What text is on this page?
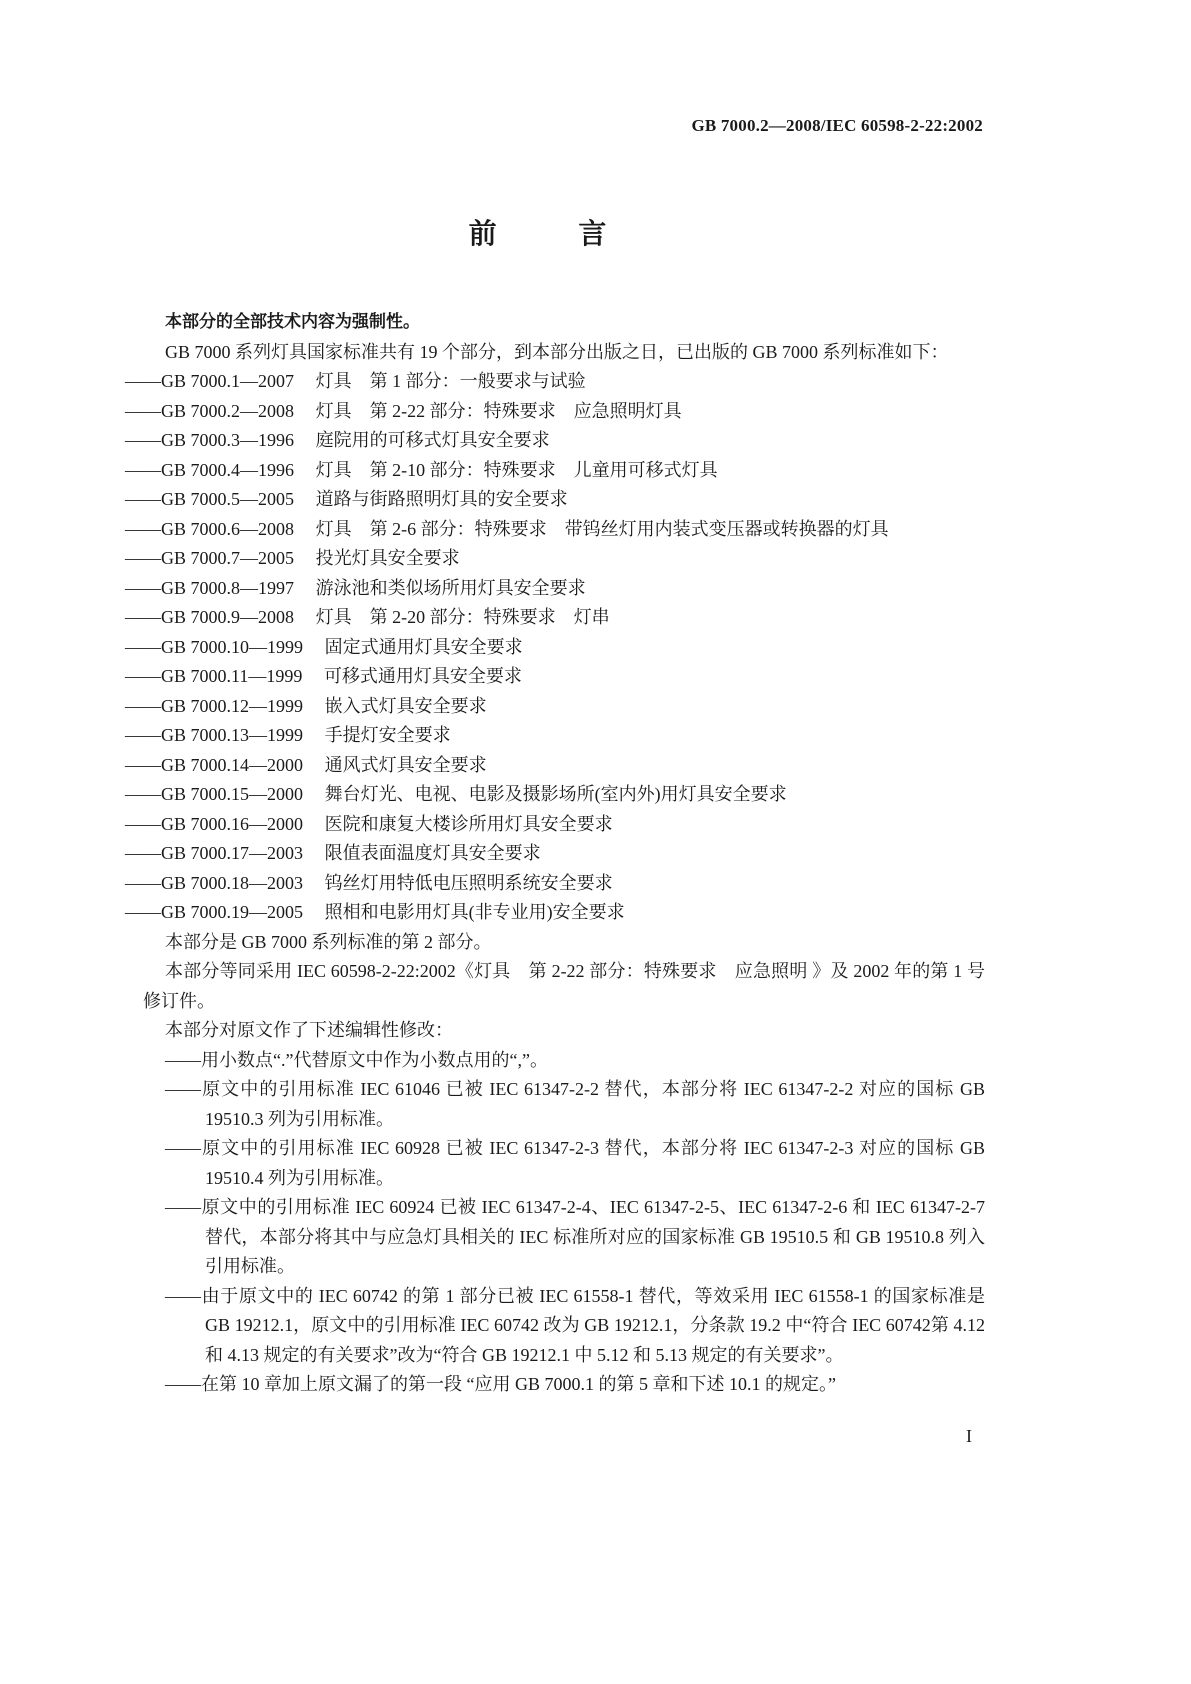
GB 7000.2—2008/IEC 60598-2-22:2002
前 言
本部分的全部技术内容为强制性。
GB 7000 系列灯具国家标准共有 19 个部分，到本部分出版之日，已出版的 GB 7000 系列标准如下：
——GB 7000.1—2007 灯具　第 1 部分：一般要求与试验
——GB 7000.2—2008 灯具　第 2-22 部分：特殊要求　应急照明灯具
——GB 7000.3—1996 庭院用的可移式灯具安全要求
——GB 7000.4—1996 灯具　第 2-10 部分：特殊要求　儿童用可移式灯具
——GB 7000.5—2005 道路与街路照明灯具的安全要求
——GB 7000.6—2008 灯具　第 2-6 部分：特殊要求　带钨丝灯用内装式变压器或转换器的灯具
——GB 7000.7—2005 投光灯具安全要求
——GB 7000.8—1997 游泳池和类似场所用灯具安全要求
——GB 7000.9—2008 灯具　第 2-20 部分：特殊要求　灯串
——GB 7000.10—1999 固定式通用灯具安全要求
——GB 7000.11—1999 可移式通用灯具安全要求
——GB 7000.12—1999 嵌入式灯具安全要求
——GB 7000.13—1999 手提灯安全要求
——GB 7000.14—2000 通风式灯具安全要求
——GB 7000.15—2000 舞台灯光、电视、电影及摄影场所(室内外)用灯具安全要求
——GB 7000.16—2000 医院和康复大楼诊所用灯具安全要求
——GB 7000.17—2003 限值表面温度灯具安全要求
——GB 7000.18—2003 钨丝灯用特低电压照明系统安全要求
——GB 7000.19—2005 照相和电影用灯具(非专业用)安全要求
本部分是 GB 7000 系列标准的第 2 部分。
本部分等同采用 IEC 60598-2-22:2002《灯具　第 2-22 部分：特殊要求　应急照明 》及 2002 年的第 1 号修订件。
本部分对原文作了下述编辑性修改：
——用小数点“.”代替原文中作为小数点用的“,”。
——原文中的引用标准 IEC 61046 已被 IEC 61347-2-2 替代，本部分将 IEC 61347-2-2 对应的国标 GB 19510.3 列为引用标准。
——原文中的引用标准 IEC 60928 已被 IEC 61347-2-3 替代，本部分将 IEC 61347-2-3 对应的国标 GB 19510.4 列为引用标准。
——原文中的引用标准 IEC 60924 已被 IEC 61347-2-4、IEC 61347-2-5、IEC 61347-2-6 和 IEC 61347-2-7替代，本部分将其中与应急灯具相关的 IEC 标准所对应的国家标准 GB 19510.5 和 GB 19510.8 列入引用标准。
——由于原文中的 IEC 60742 的第 1 部分已被 IEC 61558-1 替代，等效采用 IEC 61558-1 的国家标准是 GB 19212.1，原文中的引用标准 IEC 60742 改为 GB 19212.1，分条款 19.2 中“符合 IEC 60742第 4.12 和 4.13 规定的有关要求”改为“符合 GB 19212.1 中 5.12 和 5.13 规定的有关要求”。
——在第 10 章加上原文漏了的第一段 “应用 GB 7000.1 的第 5 章和下述 10.1 的规定。”
I
